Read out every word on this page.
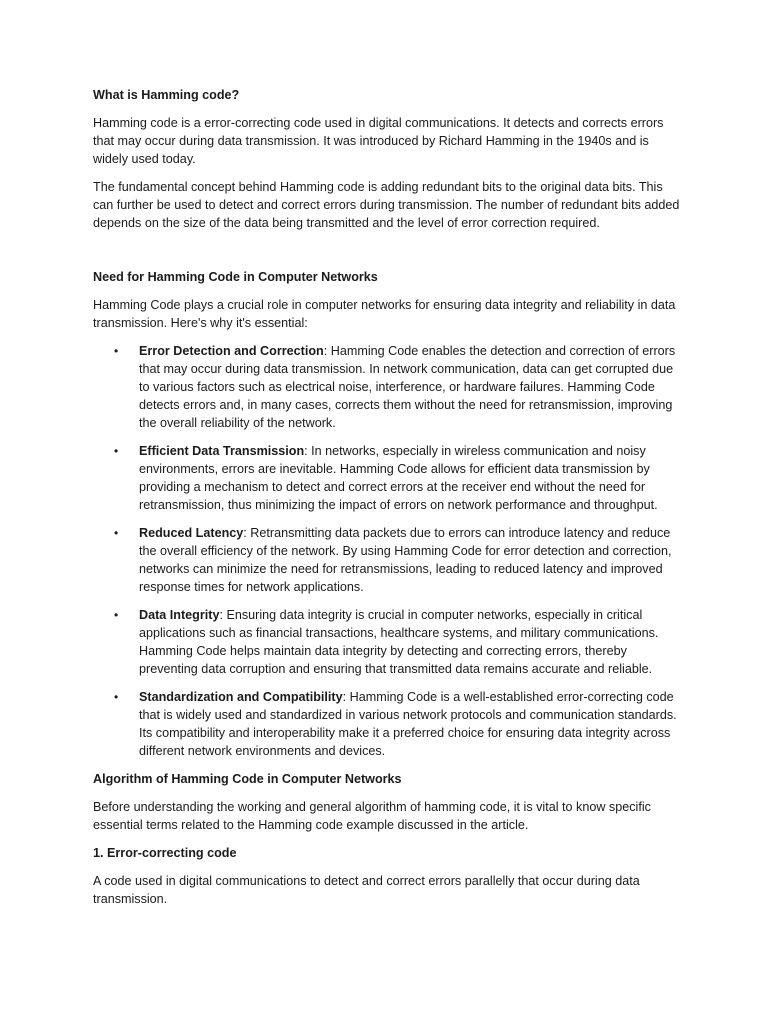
What is Hamming code?

Hamming code is a error-correcting code used in digital communications. It detects and corrects errors that may occur during data transmission. It was introduced by Richard Hamming in the 1940s and is widely used today.

The fundamental concept behind Hamming code is adding redundant bits to the original data bits. This can further be used to detect and correct errors during transmission. The number of redundant bits added depends on the size of the data being transmitted and the level of error correction required.

Need for Hamming Code in Computer Networks

Hamming Code plays a crucial role in computer networks for ensuring data integrity and reliability in data transmission. Here's why it's essential:

• Error Detection and Correction: Hamming Code enables the detection and correction of errors that may occur during data transmission. In network communication, data can get corrupted due to various factors such as electrical noise, interference, or hardware failures. Hamming Code detects errors and, in many cases, corrects them without the need for retransmission, improving the overall reliability of the network.
• Efficient Data Transmission: In networks, especially in wireless communication and noisy environments, errors are inevitable. Hamming Code allows for efficient data transmission by providing a mechanism to detect and correct errors at the receiver end without the need for retransmission, thus minimizing the impact of errors on network performance and throughput.
• Reduced Latency: Retransmitting data packets due to errors can introduce latency and reduce the overall efficiency of the network. By using Hamming Code for error detection and correction, networks can minimize the need for retransmissions, leading to reduced latency and improved response times for network applications.
• Data Integrity: Ensuring data integrity is crucial in computer networks, especially in critical applications such as financial transactions, healthcare systems, and military communications. Hamming Code helps maintain data integrity by detecting and correcting errors, thereby preventing data corruption and ensuring that transmitted data remains accurate and reliable.
• Standardization and Compatibility: Hamming Code is a well-established error-correcting code that is widely used and standardized in various network protocols and communication standards. Its compatibility and interoperability make it a preferred choice for ensuring data integrity across different network environments and devices.
Algorithm of Hamming Code in Computer Networks

Before understanding the working and general algorithm of hamming code, it is vital to know specific essential terms related to the Hamming code example discussed in the article.

1. Error-correcting code

A code used in digital communications to detect and correct errors parallelly that occur during data transmission.
